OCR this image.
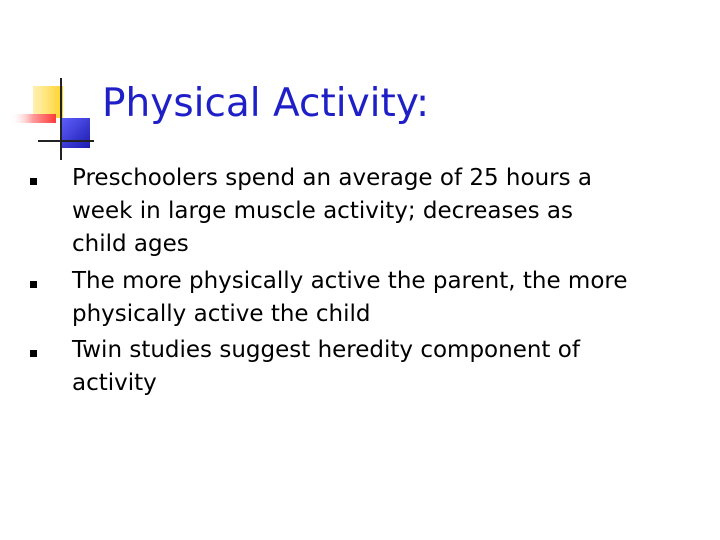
Physical Activity:
Preschoolers spend an average of 25 hours a
week in large muscle activity; decreases as
child ages
The more physically active the parent, the more
physically active the child
Twin studies suggest heredity component of
activity
